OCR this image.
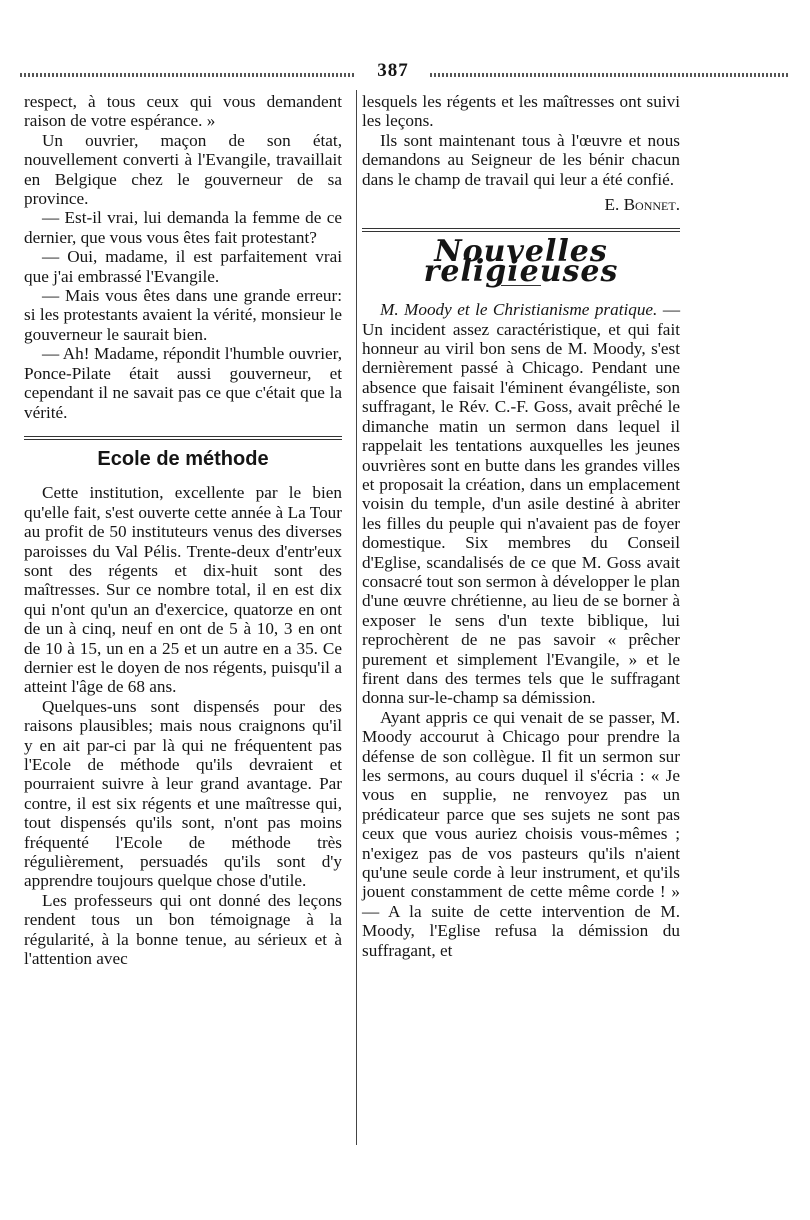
387

respect, à tous ceux qui vous demandent raison de votre espérance. »

Un ouvrier, maçon de son état, nouvellement converti à l'Evangile, travaillait en Belgique chez le gouverneur de sa province.

— Est-il vrai, lui demanda la femme de ce dernier, que vous vous êtes fait protestant?

— Oui, madame, il est parfaitement vrai que j'ai embrassé l'Evangile.

— Mais vous êtes dans une grande erreur: si les protestants avaient la vérité, monsieur le gouverneur le saurait bien.

— Ah! Madame, répondit l'humble ouvrier, Ponce-Pilate était aussi gouverneur, et cependant il ne savait pas ce que c'était que la vérité.

Ecole de méthode

Cette institution, excellente par le bien qu'elle fait, s'est ouverte cette année à La Tour au profit de 50 instituteurs venus des diverses paroisses du Val Pélis. Trente-deux d'entr'eux sont des régents et dix-huit sont des maîtresses. Sur ce nombre total, il en est dix qui n'ont qu'un an d'exercice, quatorze en ont de un à cinq, neuf en ont de 5 à 10, 3 en ont de 10 à 15, un en a 25 et un autre en a 35. Ce dernier est le doyen de nos régents, puisqu'il a atteint l'âge de 68 ans.

Quelques-uns sont dispensés pour des raisons plausibles; mais nous craignons qu'il y en ait par-ci par là qui ne fréquentent pas l'Ecole de méthode qu'ils devraient et pourraient suivre à leur grand avantage. Par contre, il est six régents et une maîtresse qui, tout dispensés qu'ils sont, n'ont pas moins fréquenté l'Ecole de méthode très régulièrement, persuadés qu'ils sont d'y apprendre toujours quelque chose d'utile.

Les professeurs qui ont donné des leçons rendent tous un bon témoignage à la régularité, à la bonne tenue, au sérieux et à l'attention avec

lesquels les régents et les maîtresses ont suivi les leçons.

Ils sont maintenant tous à l'œuvre et nous demandons au Seigneur de les bénir chacun dans le champ de travail qui leur a été confié.

E. Bonnet.
Nouvelles religieuses

M. Moody et le Christianisme pratique. — Un incident assez caractéristique, et qui fait honneur au viril bon sens de M. Moody, s'est dernièrement passé à Chicago. Pendant une absence que faisait l'éminent évangéliste, son suffragant, le Rév. C.-F. Goss, avait prêché le dimanche matin un sermon dans lequel il rappelait les tentations auxquelles les jeunes ouvrières sont en butte dans les grandes villes et proposait la création, dans un emplacement voisin du temple, d'un asile destiné à abriter les filles du peuple qui n'avaient pas de foyer domestique. Six membres du Conseil d'Eglise, scandalisés de ce que M. Goss avait consacré tout son sermon à développer le plan d'une œuvre chrétienne, au lieu de se borner à exposer le sens d'un texte biblique, lui reprochèrent de ne pas savoir « prêcher purement et simplement l'Evangile, » et le firent dans des termes tels que le suffragant donna sur-le-champ sa démission.

Ayant appris ce qui venait de se passer, M. Moody accourut à Chicago pour prendre la défense de son collègue. Il fit un sermon sur les sermons, au cours duquel il s'écria : « Je vous en supplie, ne renvoyez pas un prédicateur parce que ses sujets ne sont pas ceux que vous auriez choisis vous-mêmes ; n'exigez pas de vos pasteurs qu'ils n'aient qu'une seule corde à leur instrument, et qu'ils jouent constamment de cette même corde ! » — A la suite de cette intervention de M. Moody, l'Eglise refusa la démission du suffragant, et
